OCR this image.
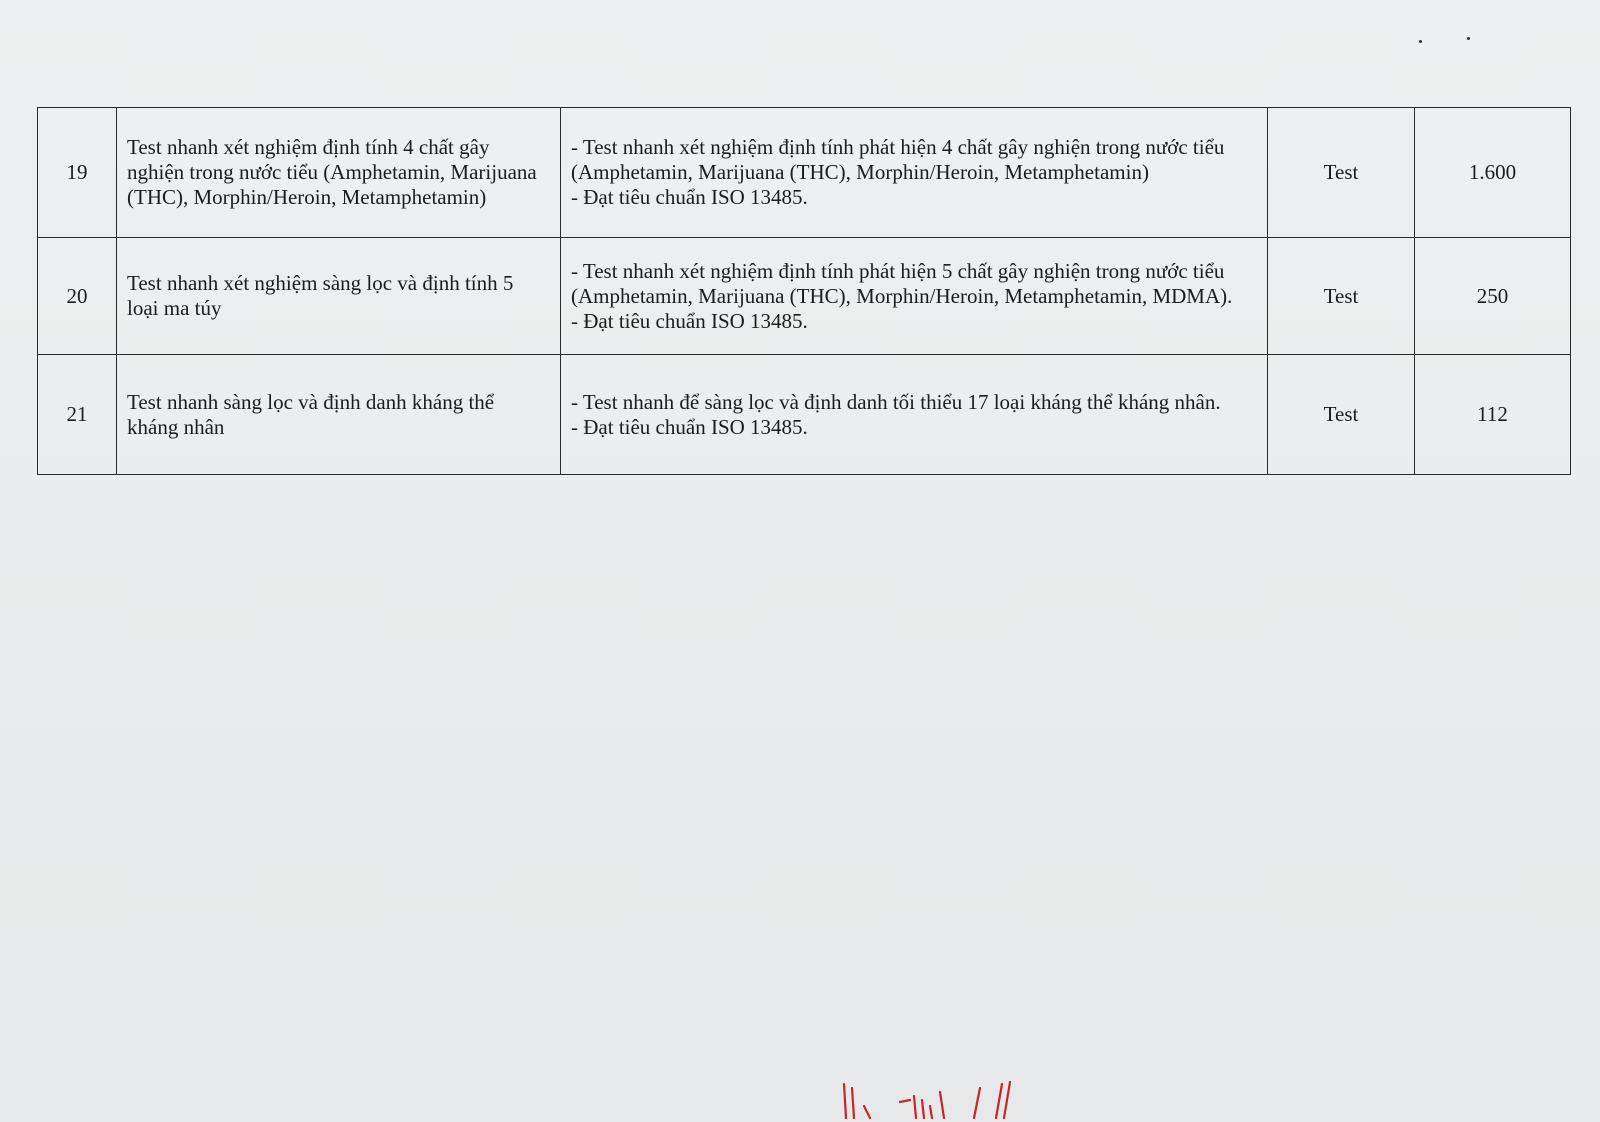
19	Test nhanh xét nghiệm định tính 4 chất gây nghiện trong nước tiểu (Amphetamin, Marijuana (THC), Morphin/Heroin, Metamphetamin)	- Test nhanh xét nghiệm định tính phát hiện 4 chất gây nghiện trong nước tiểu (Amphetamin, Marijuana (THC), Morphin/Heroin, Metamphetamin)
- Đạt tiêu chuẩn ISO 13485.	Test	1.600
20	Test nhanh xét nghiệm sàng lọc và định tính 5 loại ma túy	- Test nhanh xét nghiệm định tính phát hiện 5 chất gây nghiện trong nước tiểu (Amphetamin, Marijuana (THC), Morphin/Heroin, Metamphetamin, MDMA).
- Đạt tiêu chuẩn ISO 13485.	Test	250
21	Test nhanh sàng lọc và định danh kháng thể kháng nhân	- Test nhanh để sàng lọc và định danh tối thiểu 17 loại kháng thể kháng nhân.
- Đạt tiêu chuẩn ISO 13485.	Test	112
